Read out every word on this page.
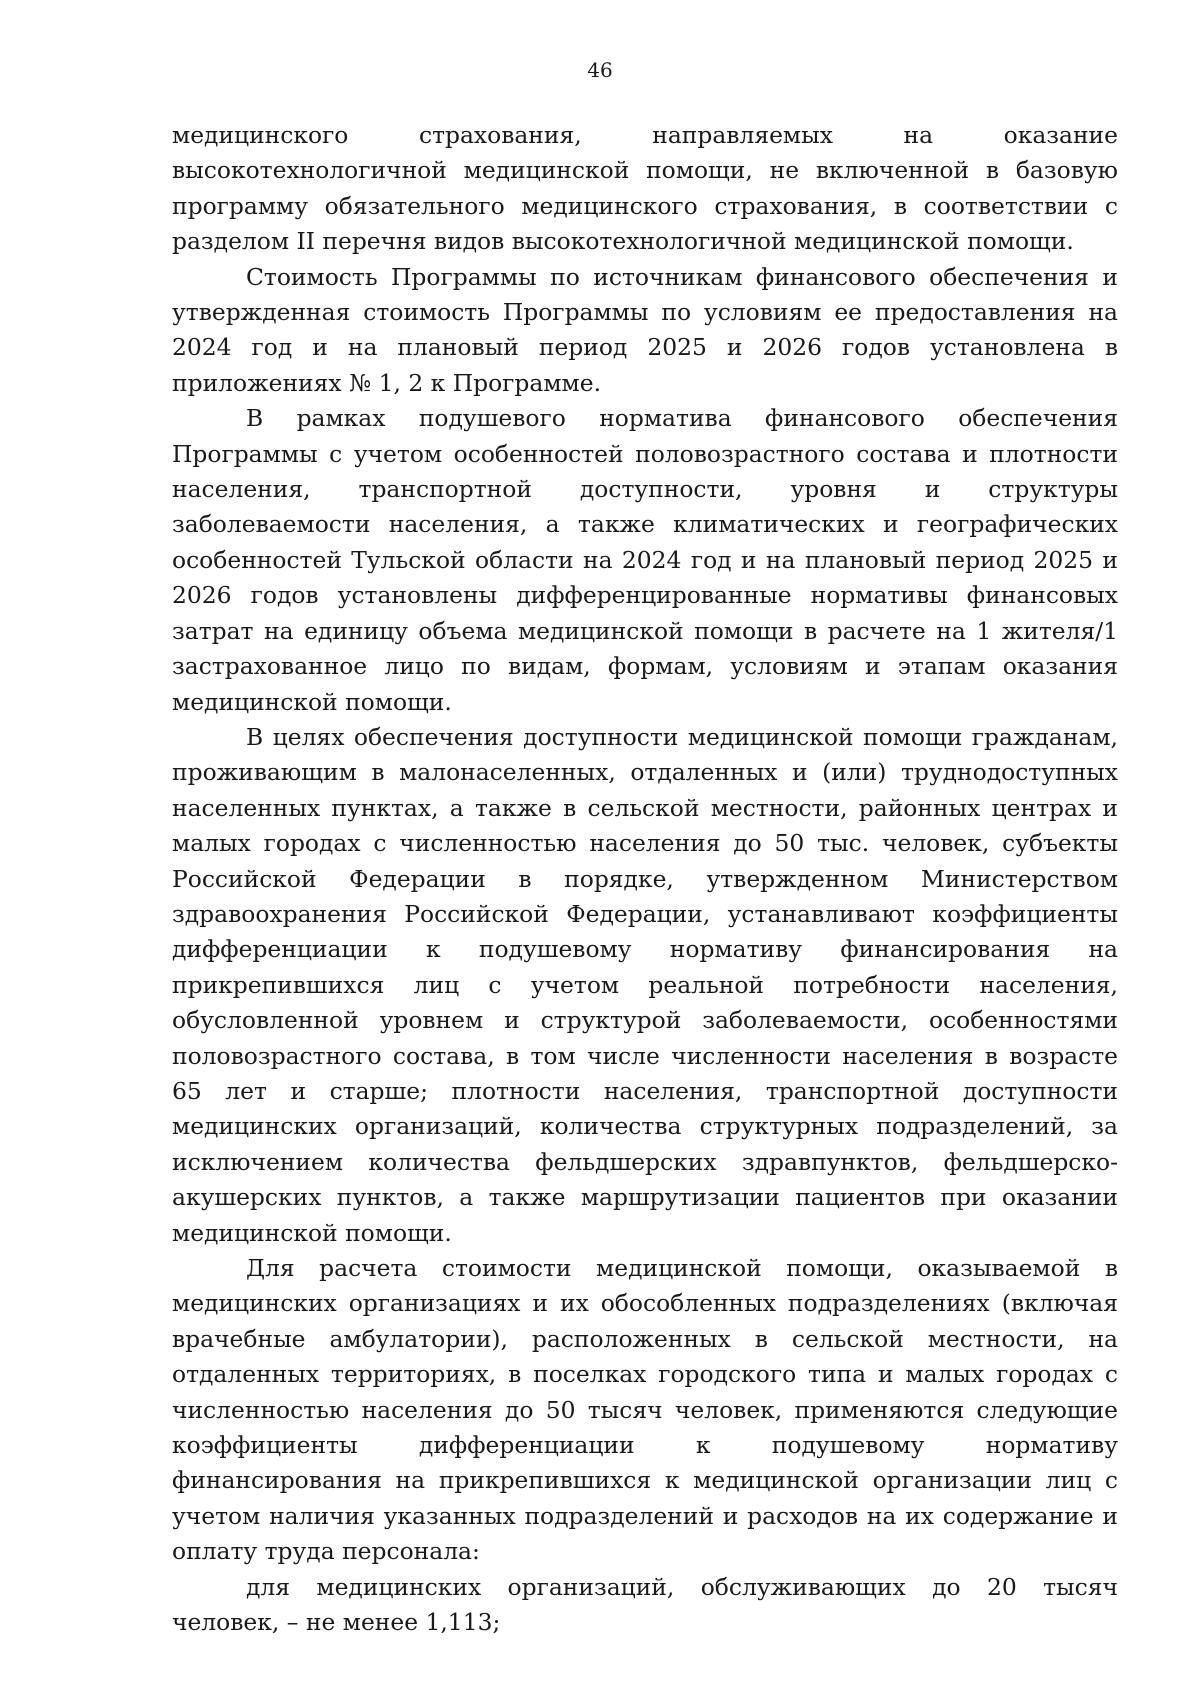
46

медицинского страхования, направляемых на оказание высокотехнологичной медицинской помощи, не включенной в базовую программу обязательного медицинского страхования, в соответствии с разделом II перечня видов высокотехнологичной медицинской помощи.

Стоимость Программы по источникам финансового обеспечения и утвержденная стоимость Программы по условиям ее предоставления на 2024 год и на плановый период 2025 и 2026 годов установлена в приложениях № 1, 2 к Программе.

В рамках подушевого норматива финансового обеспечения Программы с учетом особенностей половозрастного состава и плотности населения, транспортной доступности, уровня и структуры заболеваемости населения, а также климатических и географических особенностей Тульской области на 2024 год и на плановый период 2025 и 2026 годов установлены дифференцированные нормативы финансовых затрат на единицу объема медицинской помощи в расчете на 1 жителя/1 застрахованное лицо по видам, формам, условиям и этапам оказания медицинской помощи.

В целях обеспечения доступности медицинской помощи гражданам, проживающим в малонаселенных, отдаленных и (или) труднодоступных населенных пунктах, а также в сельской местности, районных центрах и малых городах с численностью населения до 50 тыс. человек, субъекты Российской Федерации в порядке, утвержденном Министерством здравоохранения Российской Федерации, устанавливают коэффициенты дифференциации к подушевому нормативу финансирования на прикрепившихся лиц с учетом реальной потребности населения, обусловленной уровнем и структурой заболеваемости, особенностями половозрастного состава, в том числе численности населения в возрасте 65 лет и старше; плотности населения, транспортной доступности медицинских организаций, количества структурных подразделений, за исключением количества фельдшерских здравпунктов, фельдшерско-акушерских пунктов, а также маршрутизации пациентов при оказании медицинской помощи.

Для расчета стоимости медицинской помощи, оказываемой в медицинских организациях и их обособленных подразделениях (включая врачебные амбулатории), расположенных в сельской местности, на отдаленных территориях, в поселках городского типа и малых городах с численностью населения до 50 тысяч человек, применяются следующие коэффициенты дифференциации к подушевому нормативу финансирования на прикрепившихся к медицинской организации лиц с учетом наличия указанных подразделений и расходов на их содержание и оплату труда персонала:

для медицинских организаций, обслуживающих до 20 тысяч человек, – не менее 1,113;
